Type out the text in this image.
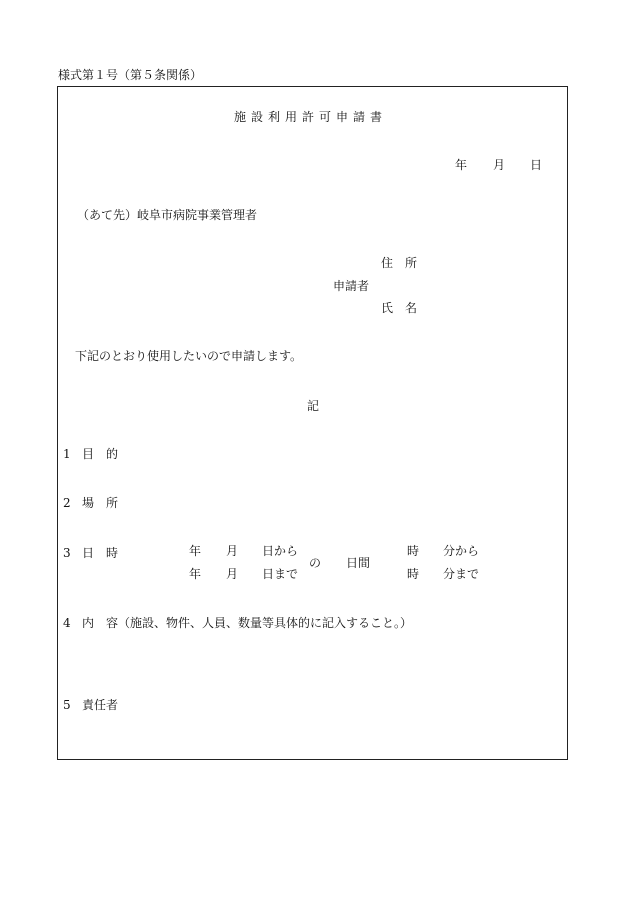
様式第１号（第５条関係）
施設利用許可申請書
年 月 日
（あて先）岐阜市病院事業管理者
住　所
申請者
氏　名
下記のとおり使用したいので申請します。
記
1 目　的
2 場　所
3 日　時	年 月 日から
年 月 日まで
の 日間
時 分から
時 分まで
4 内　容 （施設、物件、人員、数量等具体的に記入すること。）
5 責任者
